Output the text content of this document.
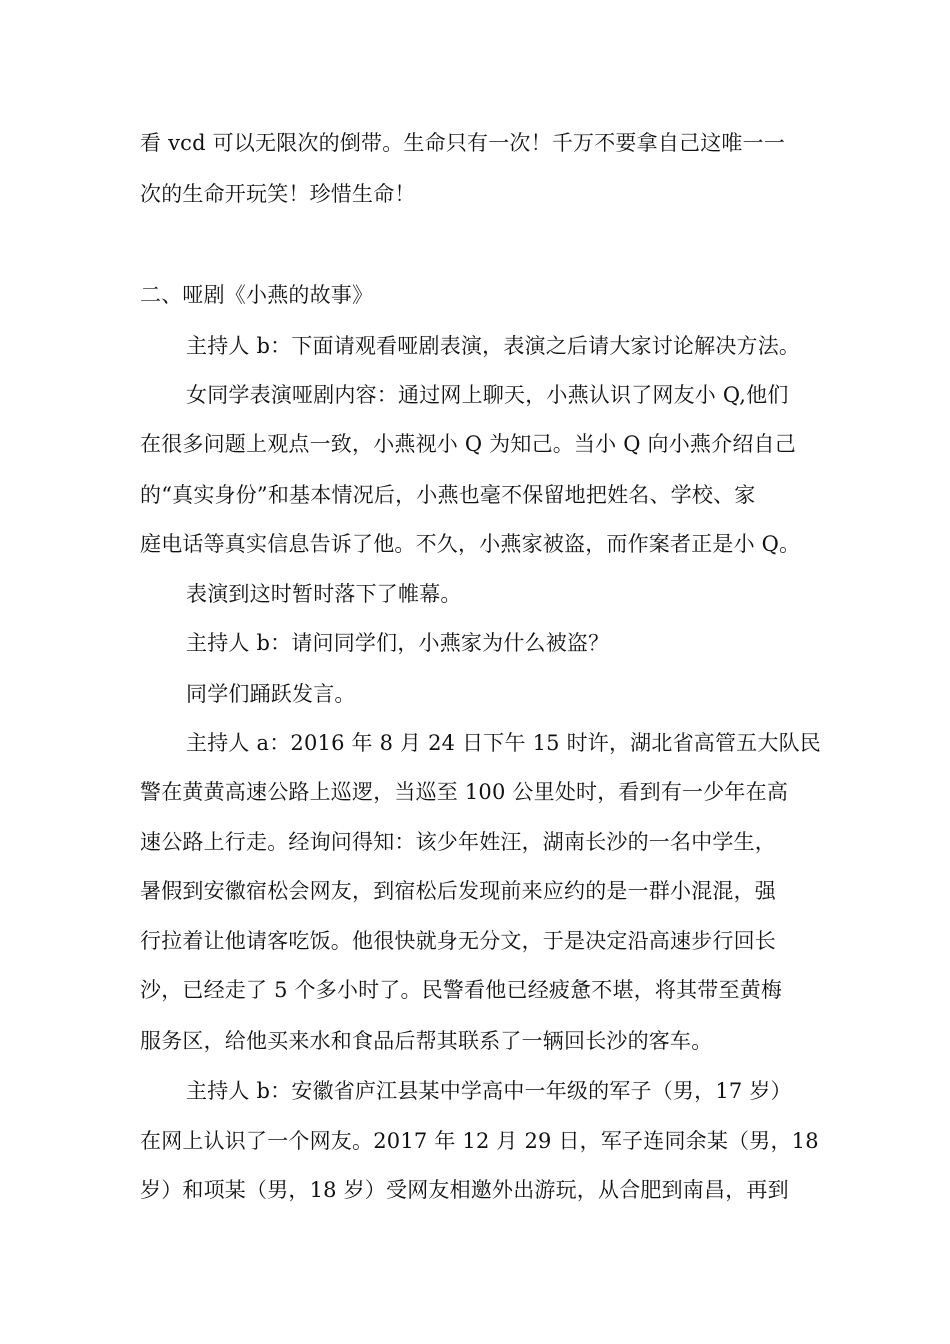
看 vcd 可以无限次的倒带。生命只有一次！千万不要拿自己这唯一一
次的生命开玩笑！珍惜生命！
二、哑剧《小燕的故事》
主持人 b：下面请观看哑剧表演，表演之后请大家讨论解决方法。
女同学表演哑剧内容：通过网上聊天，小燕认识了网友小 Q,他们
在很多问题上观点一致，小燕视小 Q 为知己。当小 Q 向小燕介绍自己
的“真实身份”和基本情况后，小燕也毫不保留地把姓名、学校、家
庭电话等真实信息告诉了他。不久，小燕家被盗，而作案者正是小 Q。
表演到这时暂时落下了帷幕。
主持人 b：请问同学们，小燕家为什么被盗？
同学们踊跃发言。
主持人 a：2016 年 8 月 24 日下午 15 时许，湖北省高管五大队民
警在黄黄高速公路上巡逻，当巡至 100 公里处时，看到有一少年在高
速公路上行走。经询问得知：该少年姓汪，湖南长沙的一名中学生，
暑假到安徽宿松会网友，到宿松后发现前来应约的是一群小混混，强
行拉着让他请客吃饭。他很快就身无分文，于是决定沿高速步行回长
沙，已经走了 5 个多小时了。民警看他已经疲惫不堪，将其带至黄梅
服务区，给他买来水和食品后帮其联系了一辆回长沙的客车。
主持人 b：安徽省庐江县某中学高中一年级的军子（男，17 岁）
在网上认识了一个网友。2017 年 12 月 29 日，军子连同余某（男，18
岁）和项某（男，18 岁）受网友相邀外出游玩，从合肥到南昌，再到
